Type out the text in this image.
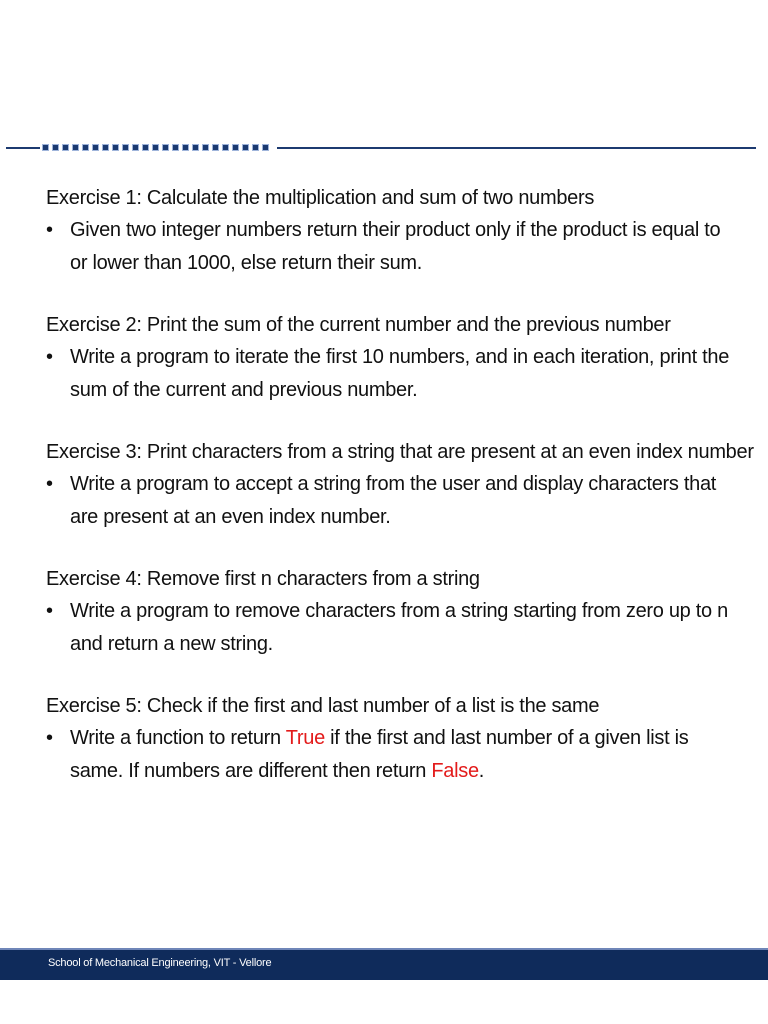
Exercise 1: Calculate the multiplication and sum of two numbers
• Given two integer numbers return their product only if the product is equal to or lower than 1000, else return their sum.
Exercise 2: Print the sum of the current number and the previous number
• Write a program to iterate the first 10 numbers, and in each iteration, print the sum of the current and previous number.
Exercise 3: Print characters from a string that are present at an even index number
• Write a program to accept a string from the user and display characters that are present at an even index number.
Exercise 4: Remove first n characters from a string
• Write a program to remove characters from a string starting from zero up to n and return a new string.
Exercise 5: Check if the first and last number of a list is the same
• Write a function to return True if the first and last number of a given list is same. If numbers are different then return False.
School of Mechanical Engineering, VIT - Vellore
